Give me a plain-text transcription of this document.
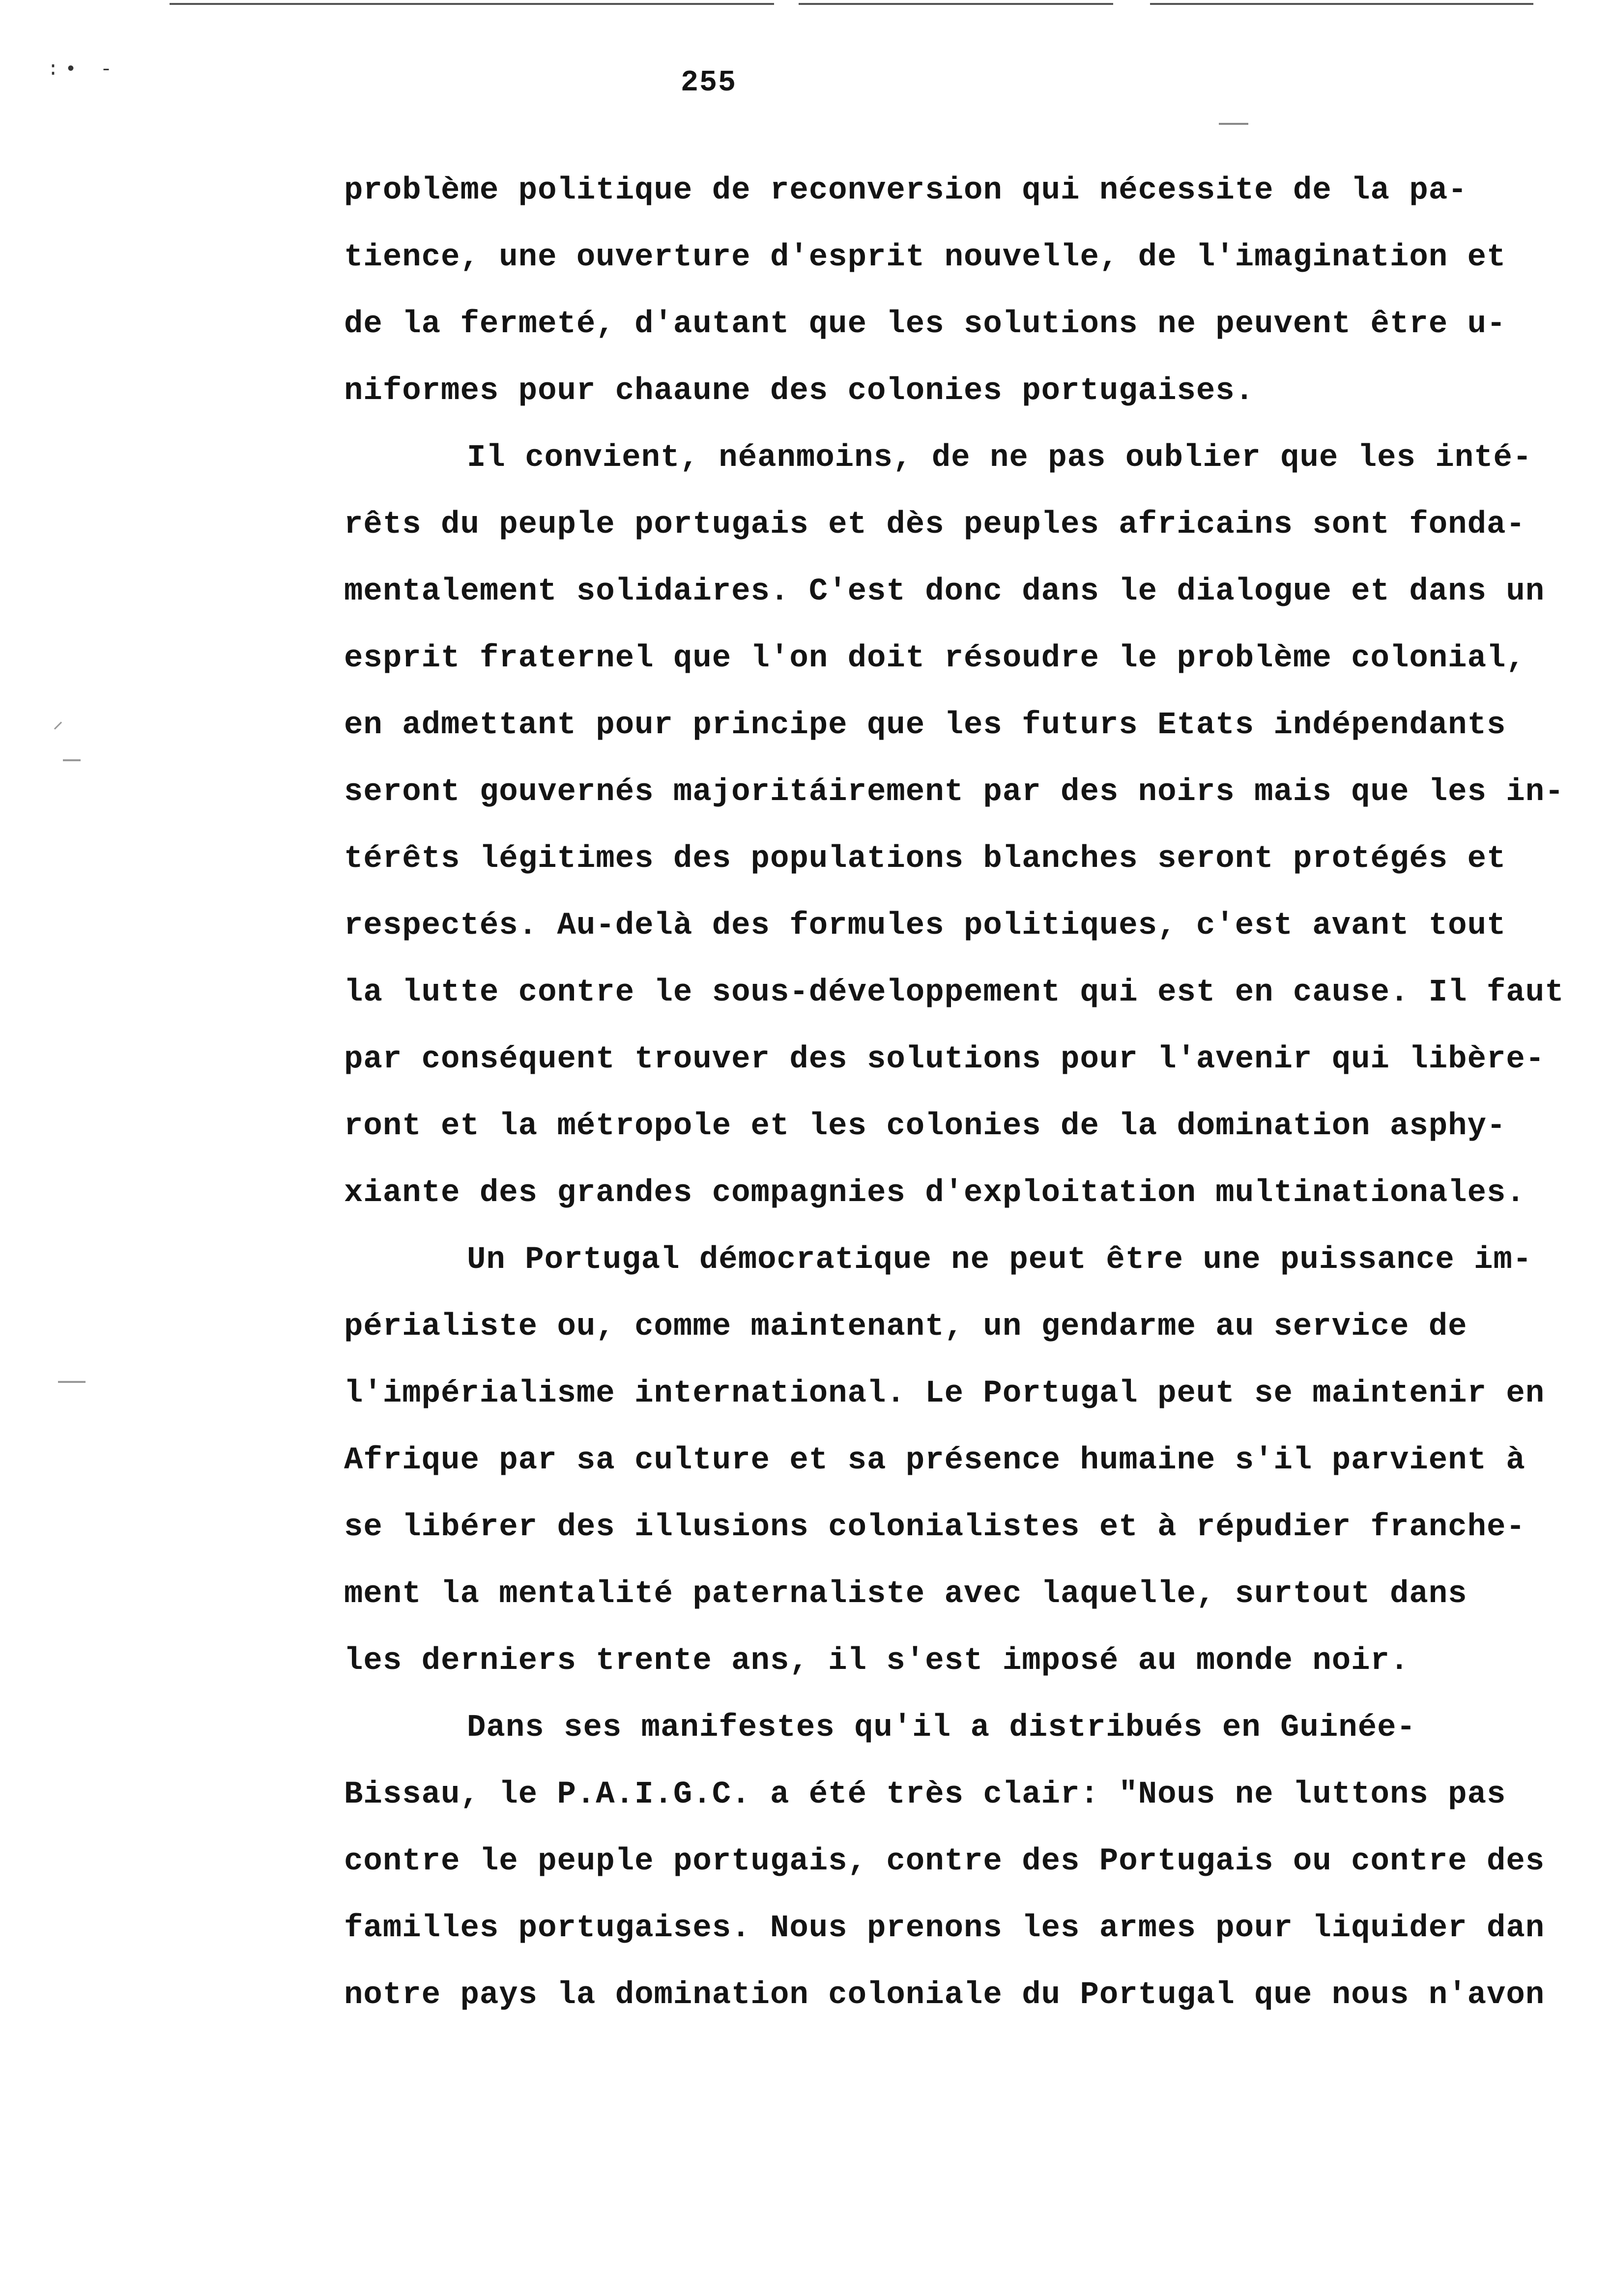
:• -	255
problème politique de reconversion qui nécessite de la pa-
tience, une ouverture d'esprit nouvelle, de l'imagination et
de la fermeté, d'autant que les solutions ne peuvent être u-
niformes pour chaaune des colonies portugaises.
Il convient, néanmoins, de ne pas oublier que les inté-
rêts du peuple portugais et dès peuples africains sont fonda-
mentalement solidaires. C'est donc dans le dialogue et dans un
esprit fraternel que l'on doit résoudre le problème colonial,
en admettant pour principe que les futurs Etats indépendants
seront gouvernés majoritáirement par des noirs mais que les in-
térêts légitimes des populations blanches seront protégés et
respectés. Au-delà des formules politiques, c'est avant tout
la lutte contre le sous-développement qui est en cause. Il faut
par conséquent trouver des solutions pour l'avenir qui libère-
ront et la métropole et les colonies de la domination asphy-
xiante des grandes compagnies d'exploitation multinationales.
Un Portugal démocratique ne peut être une puissance im-
périaliste ou, comme maintenant, un gendarme au service de
l'impérialisme international. Le Portugal peut se maintenir en
Afrique par sa culture et sa présence humaine s'il parvient à
se libérer des illusions colonialistes et à répudier franche-
ment la mentalité paternaliste avec laquelle, surtout dans
les derniers trente ans, il s'est imposé au monde noir.
Dans ses manifestes qu'il a distribués en Guinée-
Bissau, le P.A.I.G.C. a été très clair: "Nous ne luttons pas
contre le peuple portugais, contre des Portugais ou contre des
familles portugaises. Nous prenons les armes pour liquider dan
notre pays la domination coloniale du Portugal que nous n'avon
